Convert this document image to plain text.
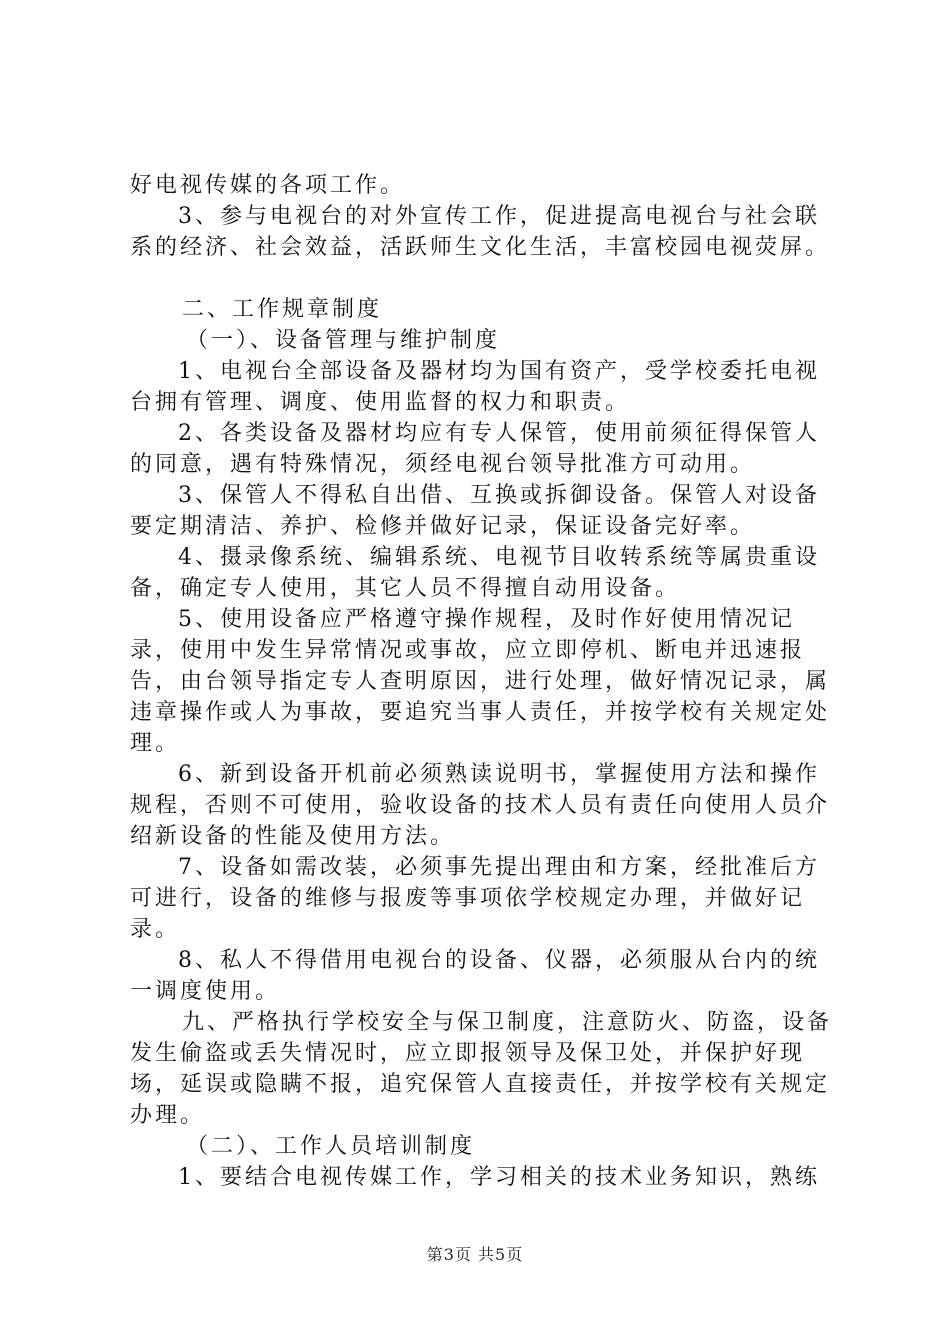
好电视传媒的各项工作。

3、参与电视台的对外宣传工作，促进提高电视台与社会联系的经济、社会效益，活跃师生文化生活，丰富校园电视荧屏。

二、工作规章制度

（一）、设备管理与维护制度

1、电视台全部设备及器材均为国有资产，受学校委托电视台拥有管理、调度、使用监督的权力和职责。

2、各类设备及器材均应有专人保管，使用前须征得保管人的同意，遇有特殊情况，须经电视台领导批准方可动用。

3、保管人不得私自出借、互换或拆御设备。保管人对设备要定期清洁、养护、检修并做好记录，保证设备完好率。

4、摄录像系统、编辑系统、电视节目收转系统等属贵重设备，确定专人使用，其它人员不得擅自动用设备。

5、使用设备应严格遵守操作规程，及时作好使用情况记录，使用中发生异常情况或事故，应立即停机、断电并迅速报告，由台领导指定专人查明原因，进行处理，做好情况记录，属违章操作或人为事故，要追究当事人责任，并按学校有关规定处理。

6、新到设备开机前必须熟读说明书，掌握使用方法和操作规程，否则不可使用，验收设备的技术人员有责任向使用人员介绍新设备的性能及使用方法。

7、设备如需改装，必须事先提出理由和方案，经批准后方可进行，设备的维修与报废等事项依学校规定办理，并做好记录。

8、私人不得借用电视台的设备、仪器，必须服从台内的统一调度使用。

九、严格执行学校安全与保卫制度，注意防火、防盗，设备发生偷盗或丢失情况时，应立即报领导及保卫处，并保护好现场，延误或隐瞒不报，追究保管人直接责任，并按学校有关规定办理。

（二）、工作人员培训制度

1、要结合电视传媒工作，学习相关的技术业务知识，熟练

第3页 共5页
